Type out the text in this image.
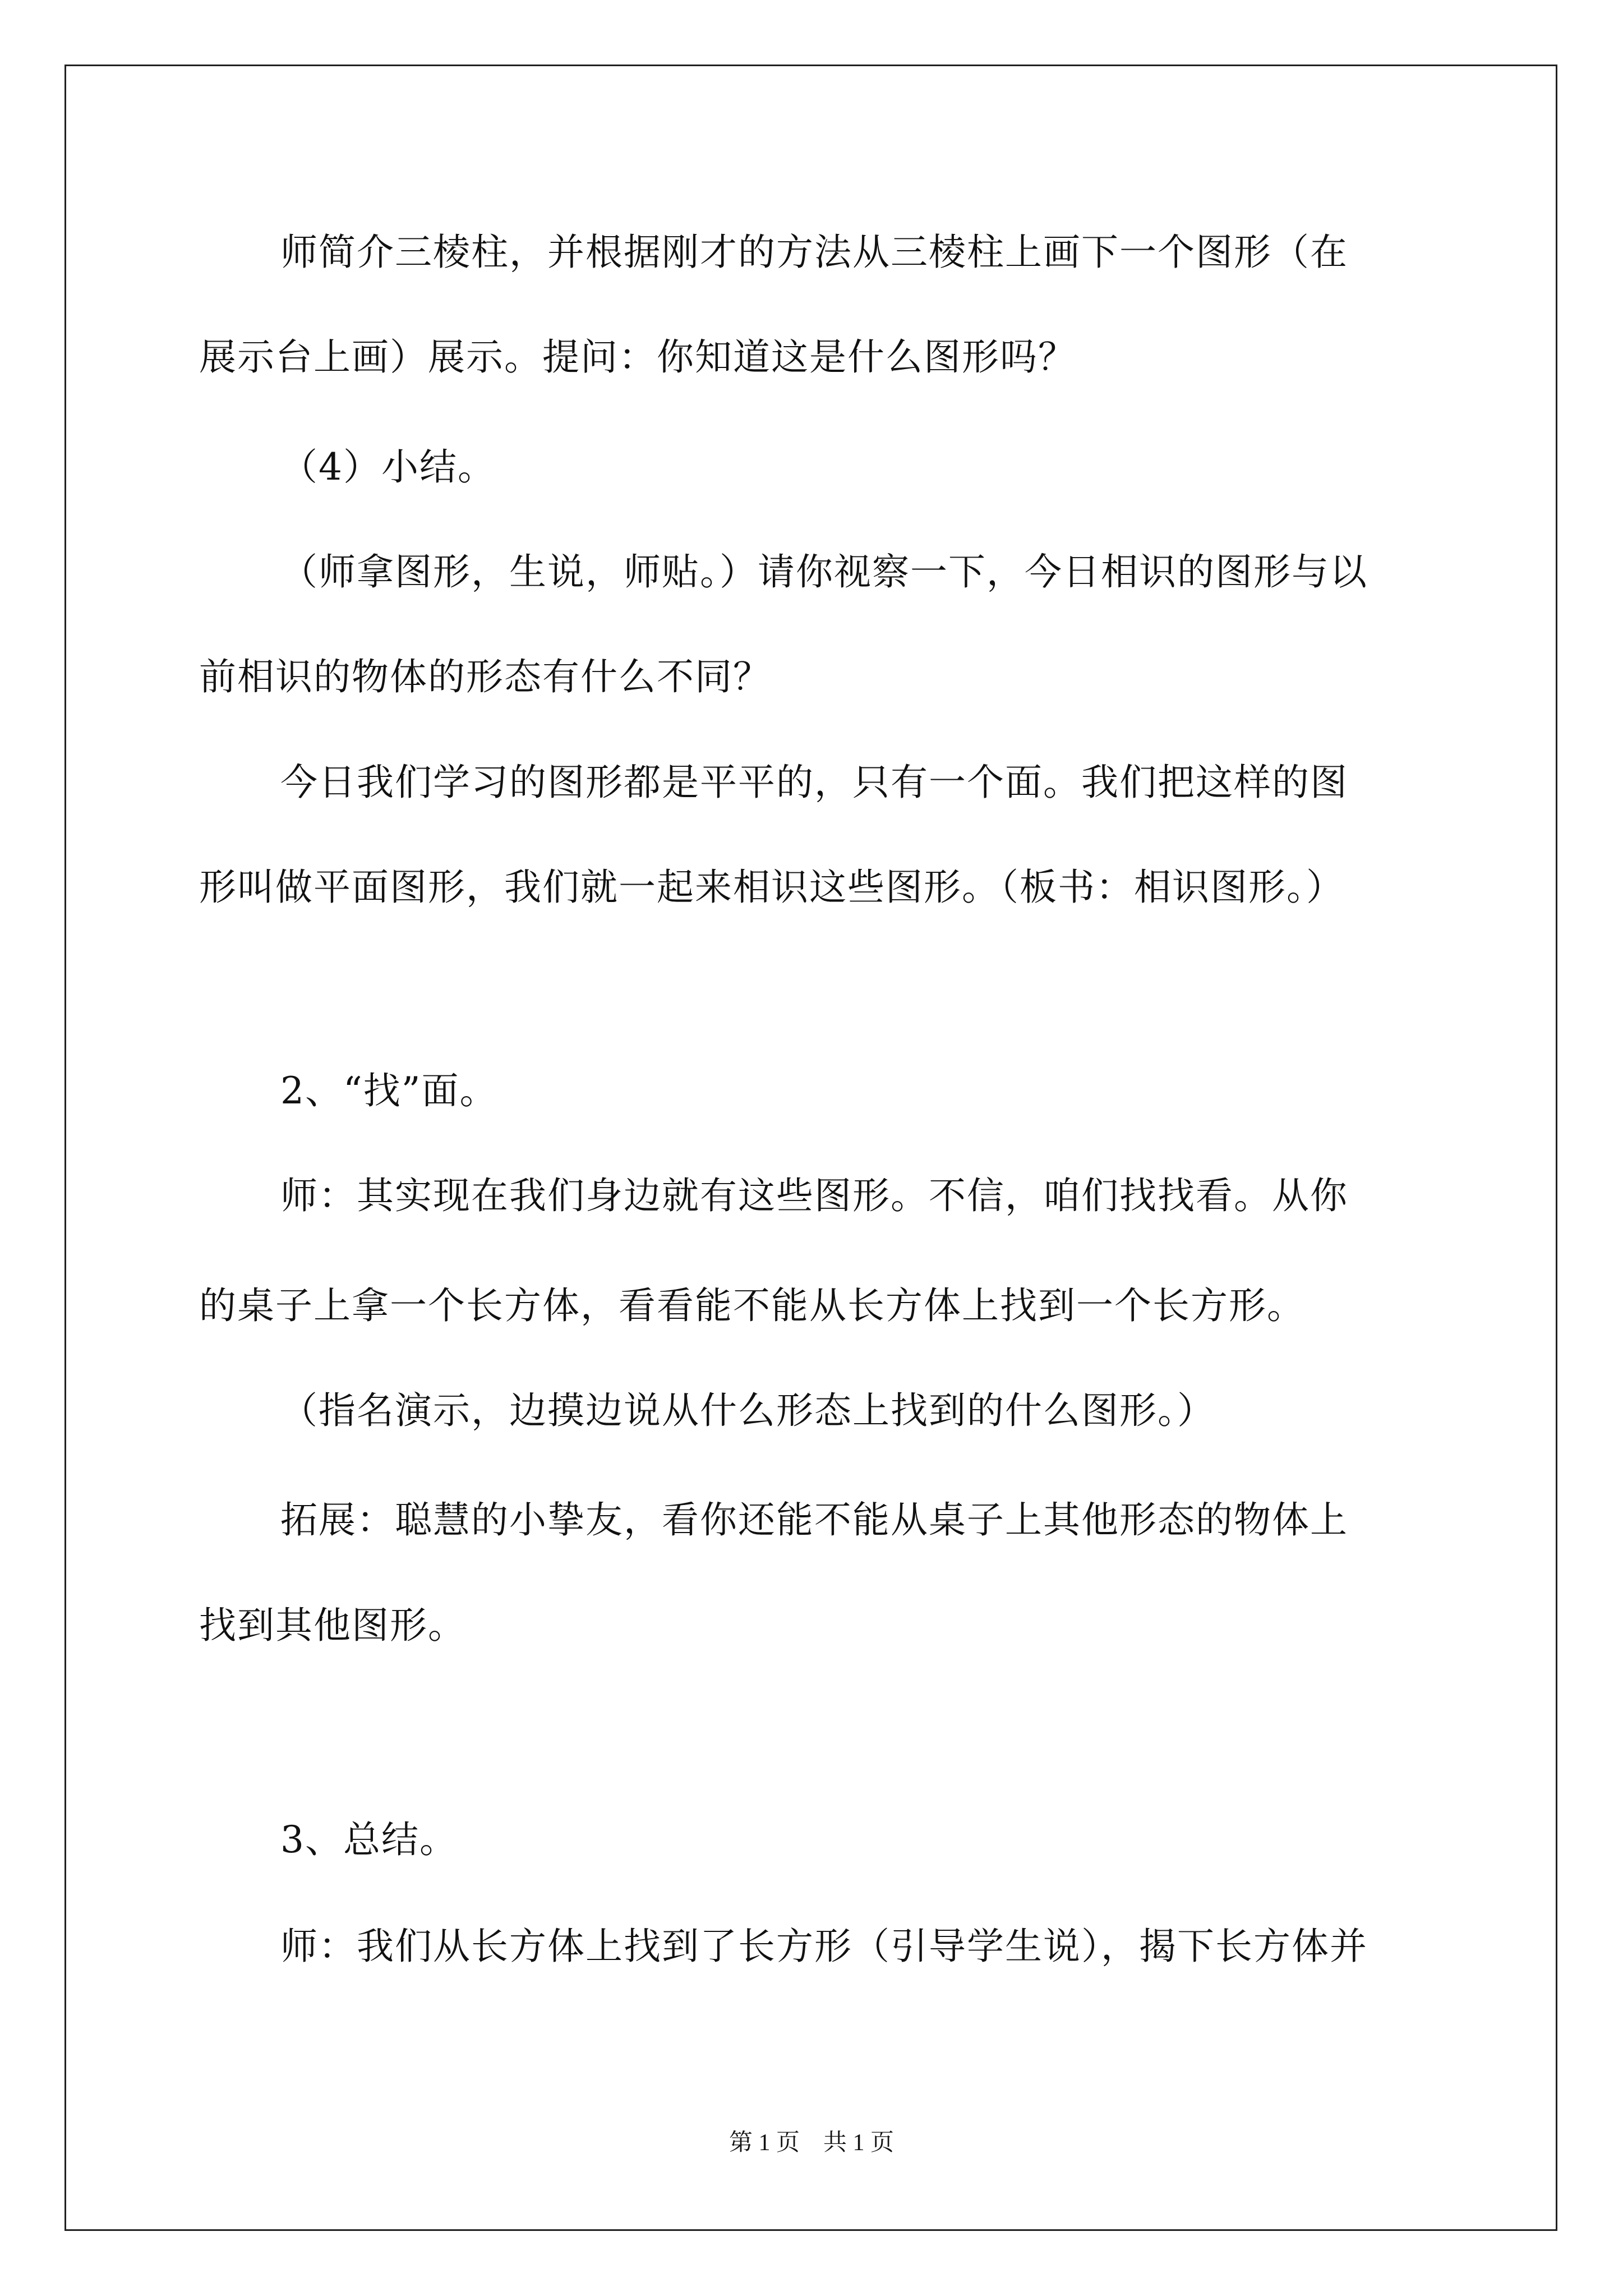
师简介三棱柱，并根据刚才的方法从三棱柱上画下一个图形（在
展示台上画）展示。提问：你知道这是什么图形吗？
（4）小结。
（师拿图形，生说，师贴。）请你视察一下，今日相识的图形与以
前相识的物体的形态有什么不同？
今日我们学习的图形都是平平的，只有一个面。我们把这样的图
形叫做平面图形，我们就一起来相识这些图形。（板书：相识图形。）
2、“找”面。
师：其实现在我们身边就有这些图形。不信，咱们找找看。从你
的桌子上拿一个长方体，看看能不能从长方体上找到一个长方形。
（指名演示，边摸边说从什么形态上找到的什么图形。）
拓展：聪慧的小挚友，看你还能不能从桌子上其他形态的物体上
找到其他图形。
3、总结。
师：我们从长方体上找到了长方形（引导学生说），揭下长方体并
第 1 页 共 1 页
